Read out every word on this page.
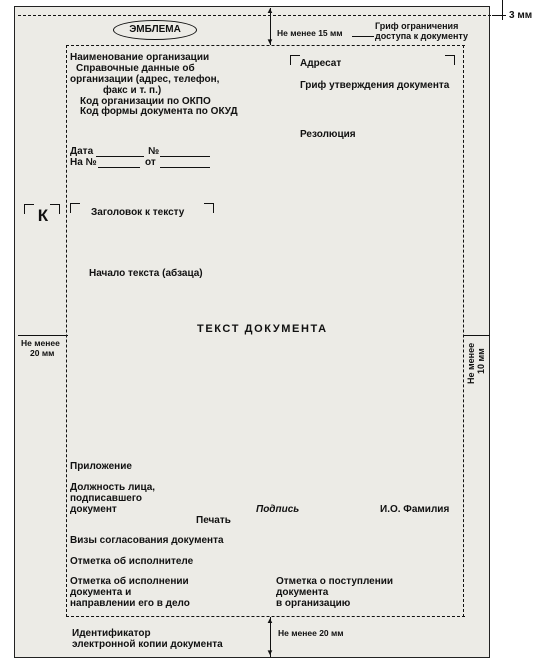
3 мм
ЭМБЛЕМА
▲
▼
Не менее 15 мм
Гриф ограничения
доступа к документу
Наименование организации
Справочные данные об
организации (адрес, телефон,
факс и т. п.)
Код организации по ОКПО
Код формы документа по ОКУД
Адресат
Гриф утверждения документа
Резолюция
Дата	№
На №	от
К	Заголовок к тексту
Начало текста (абзаца)
ТЕКСТ ДОКУМЕНТА
Не менее
20 мм	Не менее 10 мм
Приложение
Должность лица,
подписавшего
документ	Подпись	И.О. Фамилия
Печать
Визы согласования документа
Отметка об исполнителе
Отметка об исполнении
документа и
направлении его в дело
Отметка о поступлении
документа
в организацию
▲
▼
Не менее 20 мм
Идентификатор
электронной копии документа
